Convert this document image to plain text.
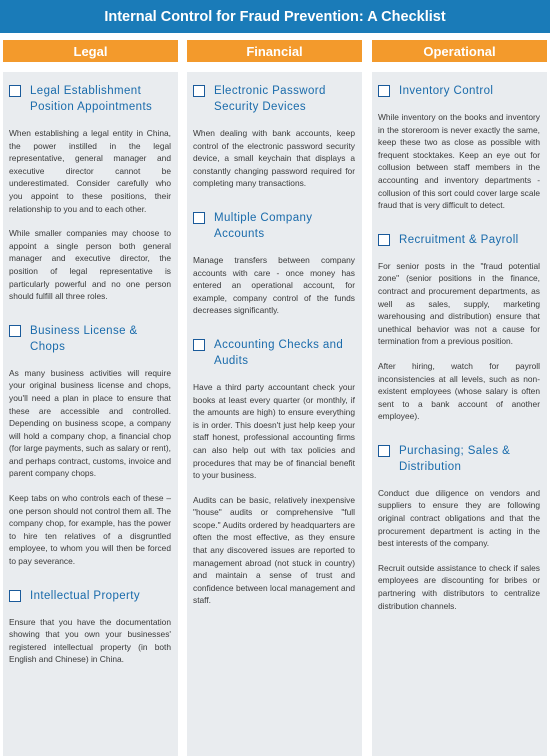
Internal Control for Fraud Prevention: A Checklist
Legal
Legal Establishment Position Appointments
When establishing a legal entity in China, the power instilled in the legal representative, general manager and executive director cannot be underestimated. Consider carefully who you appoint to these positions, their relationship to you and to each other.
While smaller companies may choose to appoint a single person both general manager and executive director, the position of legal representative is particularly powerful and no one person should fulfill all three roles.
Business License & Chops
As many business activities will require your original business license and chops, you'll need a plan in place to ensure that these are accessible and controlled. Depending on business scope, a company will hold a company chop, a financial chop (for large payments, such as salary or rent), and perhaps contract, customs, invoice and parent company chops.
Keep tabs on who controls each of these – one person should not control them all. The company chop, for example, has the power to hire ten relatives of a disgruntled employee, to whom you will then be forced to pay severance.
Intellectual Property
Ensure that you have the documentation showing that you own your businesses' registered intellectual property (in both English and Chinese) in China.
Financial
Electronic Password Security Devices
When dealing with bank accounts, keep control of the electronic password security device, a small keychain that displays a constantly changing password required for completing many transactions.
Multiple Company Accounts
Manage transfers between company accounts with care - once money has entered an operational account, for example, company control of the funds decreases significantly.
Accounting Checks and Audits
Have a third party accountant check your books at least every quarter (or monthly, if the amounts are high) to ensure everything is in order. This doesn't just help keep your staff honest, professional accounting firms can also help out with tax policies and procedures that may be of financial benefit to your business.
Audits can be basic, relatively inexpensive "house" audits or comprehensive "full scope." Audits ordered by headquarters are often the most effective, as they ensure that any discovered issues are reported to management abroad (not stuck in country) and maintain a sense of trust and confidence between local management and staff.
Operational
Inventory Control
While inventory on the books and inventory in the storeroom is never exactly the same, keep these two as close as possible with frequent stocktakes. Keep an eye out for collusion between staff members in the accounting and inventory departments - collusion of this sort could cover large scale fraud that is very difficult to detect.
Recruitment & Payroll
For senior posts in the "fraud potential zone" (senior positions in the finance, contract and procurement departments, as well as sales, supply, marketing warehousing and distribution) ensure that unethical behavior was not a cause for termination from a previous position.
After hiring, watch for payroll inconsistencies at all levels, such as non-existent employees (whose salary is often sent to a bank account of another employee).
Purchasing; Sales & Distribution
Conduct due diligence on vendors and suppliers to ensure they are following original contract obligations and that the procurement department is acting in the best interests of the company.
Recruit outside assistance to check if sales employees are discounting for bribes or partnering with distributors to centralize distribution channels.
